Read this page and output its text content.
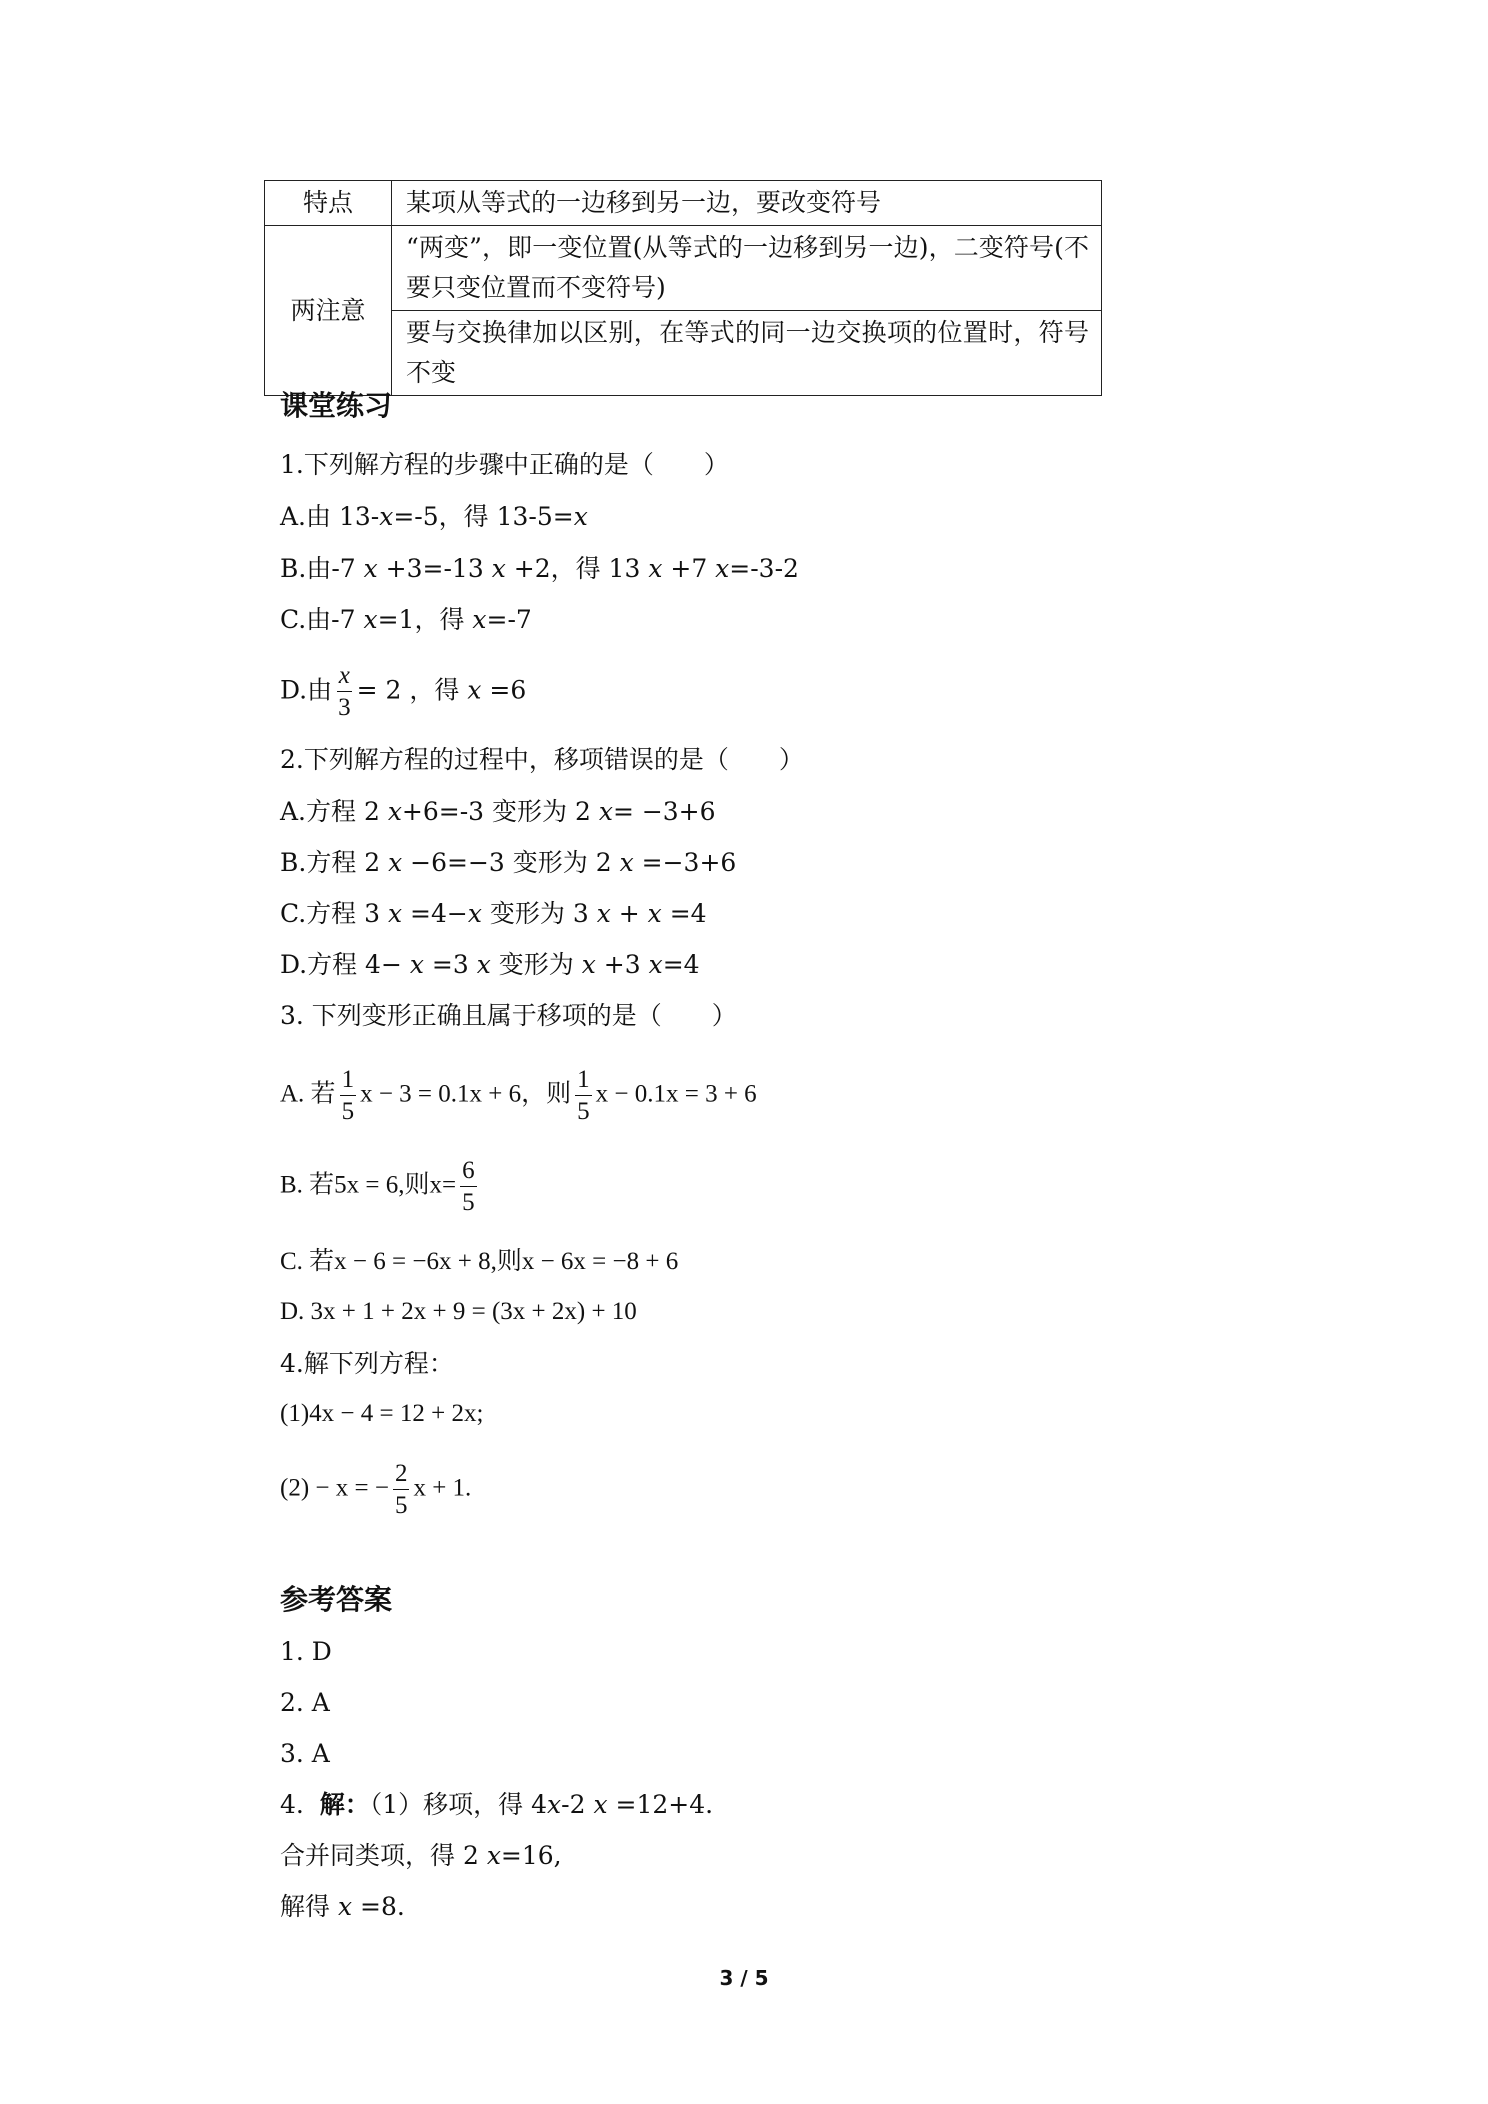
特点	某项从等式的一边移到另一边，要改变符号
两注意	“两变”，即一变位置(从等式的一边移到另一边)，二变符号(不要只变位置而不变符号)
	要与交换律加以区别，在等式的同一边交换项的位置时，符号不变
课堂练习
1.下列解方程的步骤中正确的是（　　）
A.由 13-x=-5，得 13-5=x
B.由-7 x +3=-13 x +2，得 13 x +7 x=-3-2
C.由-7 x=1，得 x=-7
D.由 $\frac{x}{3} = 2$ ，得 x =6
2.下列解方程的过程中，移项错误的是（　　）
A.方程 2 x+6=-3 变形为 2 x= −3+6
B.方程 2 x −6=−3 变形为 2 x =−3+6
C.方程 3 x =4−x 变形为 3 x + x =4
D.方程 4− x =3 x 变形为 x +3 x=4
3. 下列变形正确且属于移项的是（　　）
A. 若 $\frac{1}{5}$ x − 3 = 0.1x + 6，则 $\frac{1}{5}$ x − 0.1x = 3 + 6
B. 若5x = 6,则$x= \frac{6}{5}$
C. 若x − 6 = −6x + 8,则x − 6x = −8 + 6
D. 3x + 1 + 2x + 9 = (3x + 2x) + 10
4.解下列方程：
(1)4x − 4 = 12 + 2x;
(2) − x = − $\frac{2}{5}$ x + 1.
参考答案
1. D
2. A
3. A
4. 解：（1）移项，得 4x-2 x =12+4.
合并同类项，得 2 x=16,
解得 x =8.
3 / 5
